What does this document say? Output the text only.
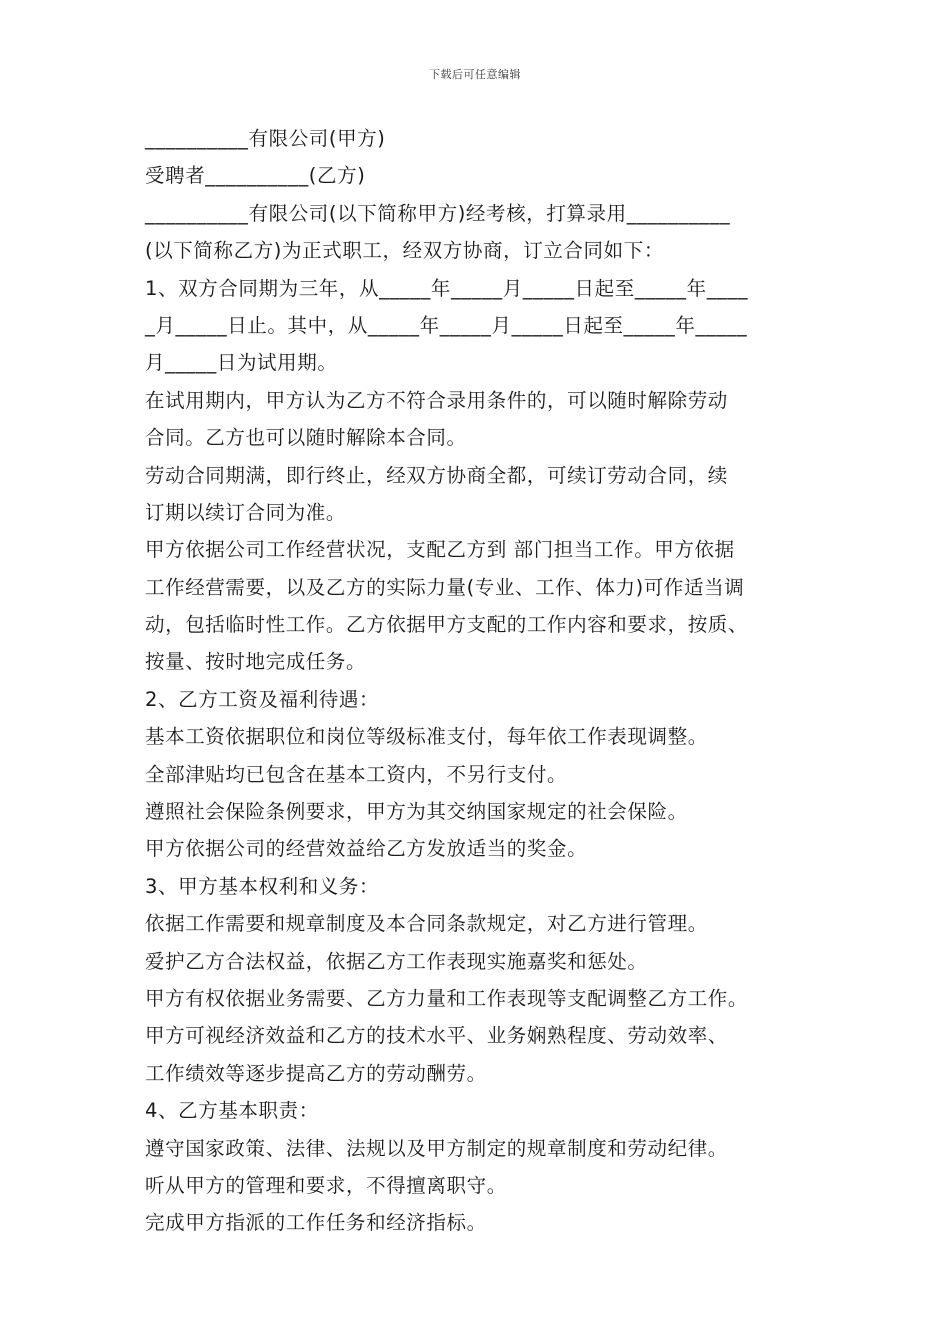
下载后可任意编辑
__________有限公司(甲方)
受聘者__________(乙方)
__________有限公司(以下简称甲方)经考核，打算录用__________
(以下简称乙方)为正式职工，经双方协商，订立合同如下：
1、双方合同期为三年，从_____年_____月_____日起至_____年____
_月_____日止。其中，从_____年_____月_____日起至_____年_____
月_____日为试用期。
在试用期内，甲方认为乙方不符合录用条件的，可以随时解除劳动
合同。乙方也可以随时解除本合同。
劳动合同期满，即行终止，经双方协商全都，可续订劳动合同，续
订期以续订合同为准。
甲方依据公司工作经营状况，支配乙方到 部门担当工作。甲方依据
工作经营需要，以及乙方的实际力量(专业、工作、体力)可作适当调
动，包括临时性工作。乙方依据甲方支配的工作内容和要求，按质、
按量、按时地完成任务。
2、乙方工资及福利待遇：
基本工资依据职位和岗位等级标准支付，每年依工作表现调整。
全部津贴均已包含在基本工资内，不另行支付。
遵照社会保险条例要求，甲方为其交纳国家规定的社会保险。
甲方依据公司的经营效益给乙方发放适当的奖金。
3、甲方基本权利和义务：
依据工作需要和规章制度及本合同条款规定，对乙方进行管理。
爱护乙方合法权益，依据乙方工作表现实施嘉奖和惩处。
甲方有权依据业务需要、乙方力量和工作表现等支配调整乙方工作。
甲方可视经济效益和乙方的技术水平、业务娴熟程度、劳动效率、
工作绩效等逐步提高乙方的劳动酬劳。
4、乙方基本职责：
遵守国家政策、法律、法规以及甲方制定的规章制度和劳动纪律。
听从甲方的管理和要求，不得擅离职守。
完成甲方指派的工作任务和经济指标。
